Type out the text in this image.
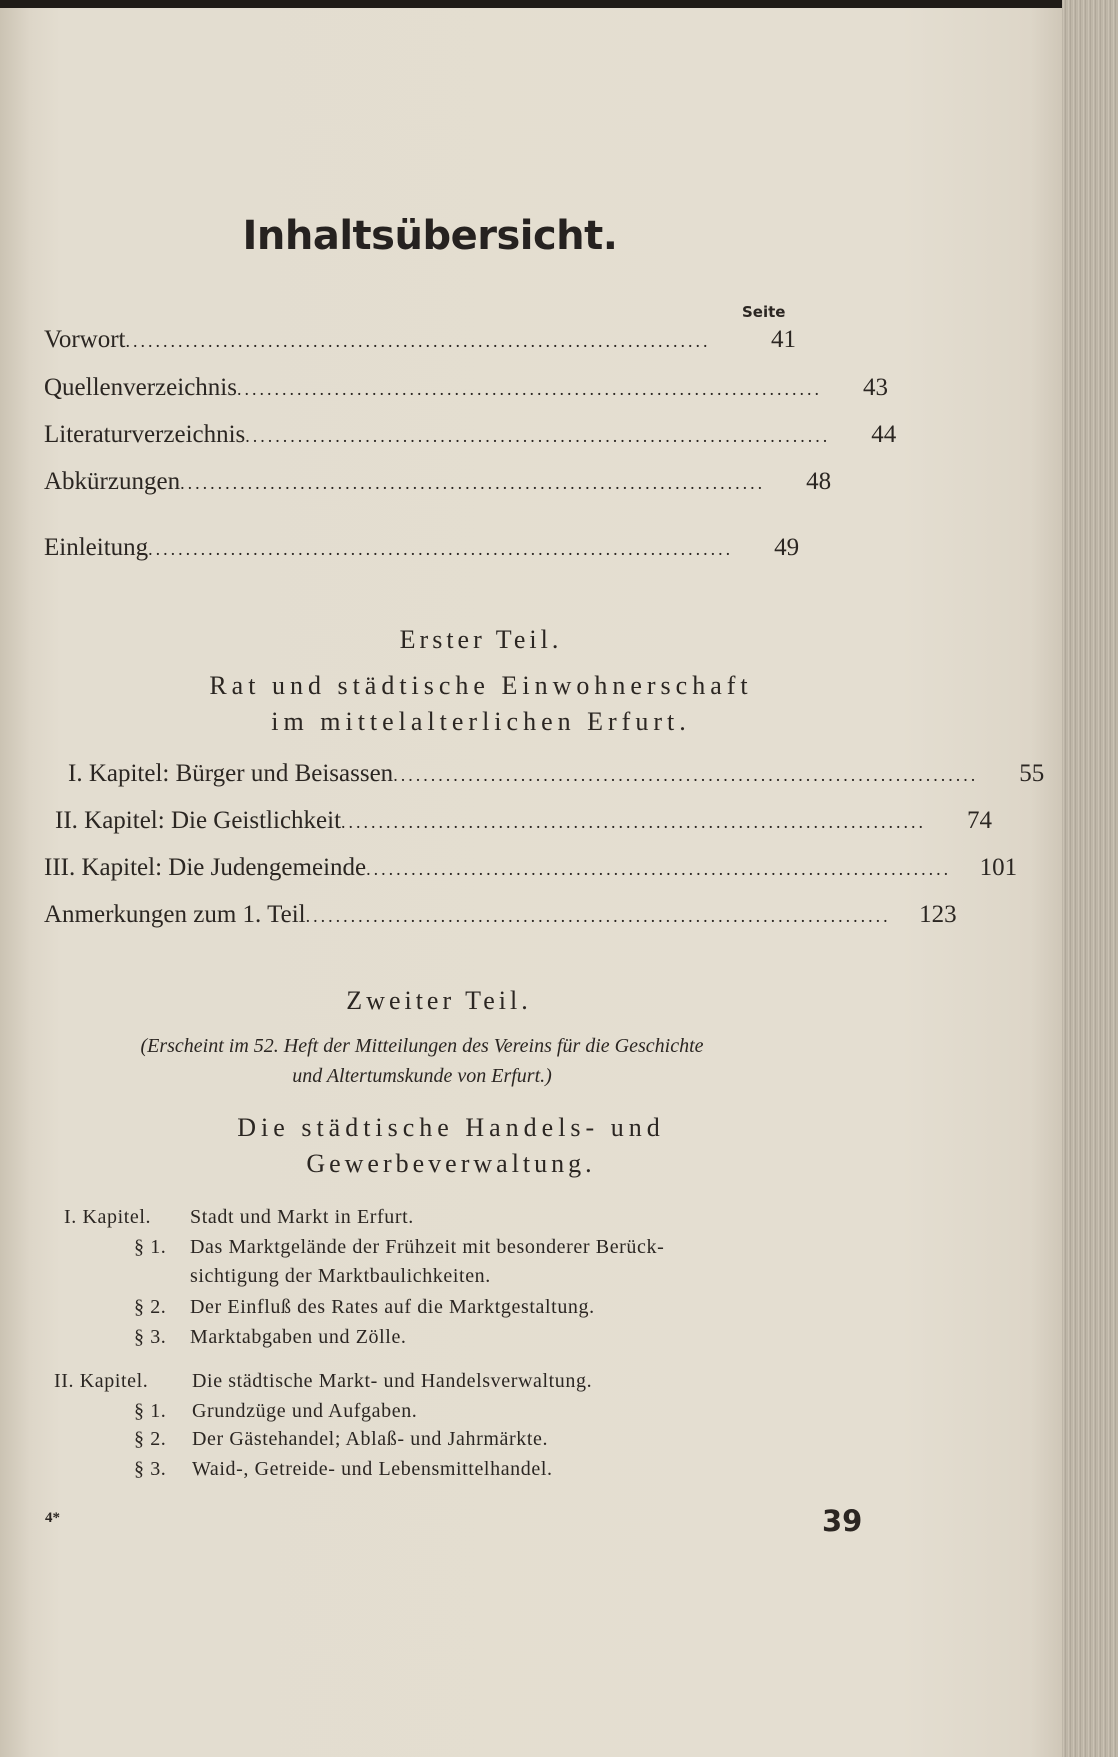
Inhaltsübersicht.
Seite
Vorwort ..............................................................................	41
Quellenverzeichnis ..............................................................................	43
Literaturverzeichnis ..............................................................................	44
Abkürzungen ..............................................................................	48
Einleitung ..............................................................................	49
Erster Teil.
Rat und städtische Einwohnerschaft
im mittelalterlichen Erfurt.
I. Kapitel: Bürger und Beisassen ..............................................................................	55
II. Kapitel: Die Geistlichkeit ..............................................................................	74
III. Kapitel: Die Judengemeinde ..............................................................................	101
Anmerkungen zum 1. Teil ..............................................................................	123
Zweiter Teil.
(Erscheint im 52. Heft der Mitteilungen des Vereins für die Geschichte
und Altertumskunde von Erfurt.)
Die städtische Handels- und
Gewerbeverwaltung.
I. Kapitel. Stadt und Markt in Erfurt.
§ 1. Das Marktgelände der Frühzeit mit besonderer Berück-
sichtigung der Marktbaulichkeiten.
§ 2. Der Einfluß des Rates auf die Marktgestaltung.
§ 3. Marktabgaben und Zölle.
II. Kapitel. Die städtische Markt- und Handelsverwaltung.
§ 1. Grundzüge und Aufgaben.
§ 2. Der Gästehandel; Ablaß- und Jahrmärkte.
§ 3. Waid-, Getreide- und Lebensmittelhandel.
4*	39
